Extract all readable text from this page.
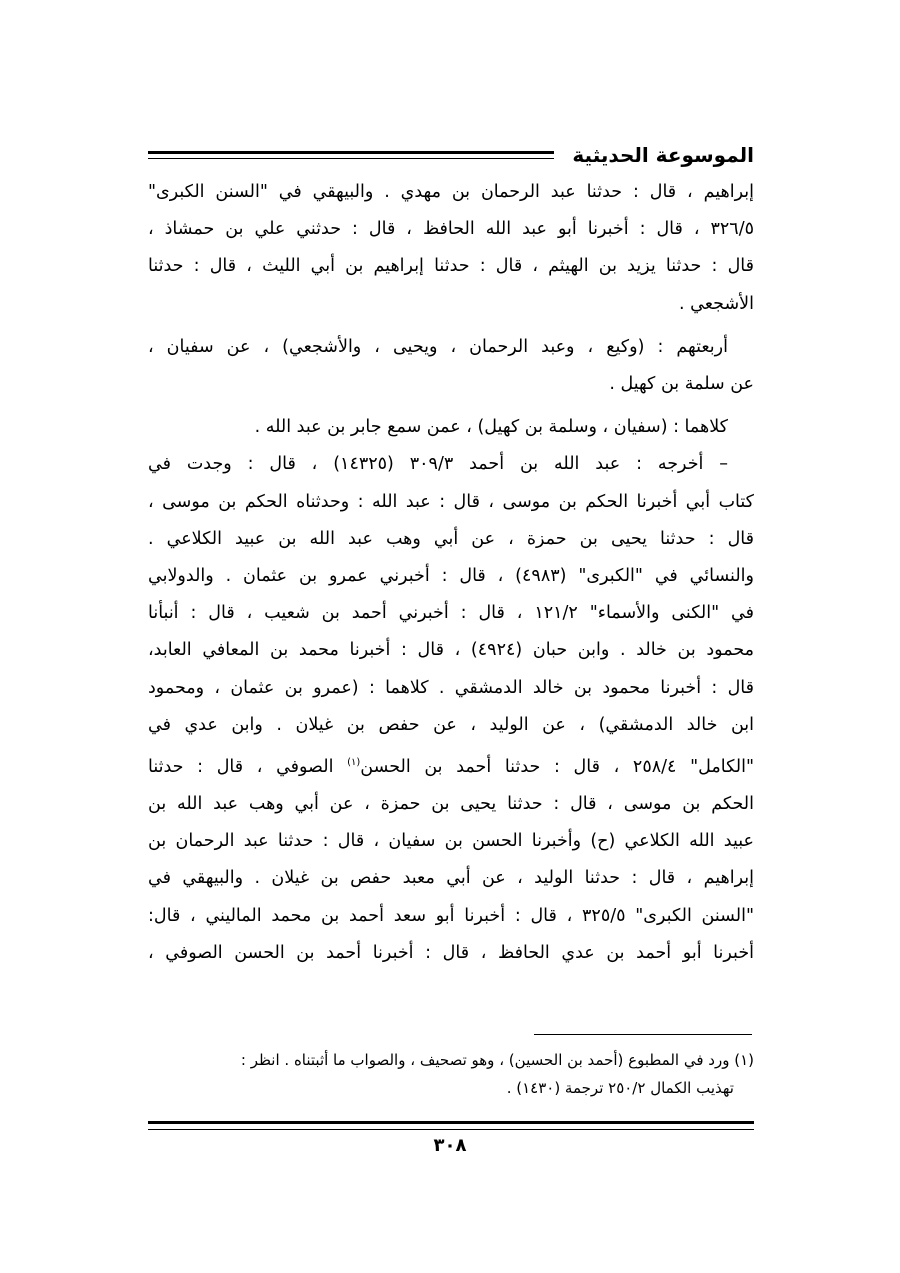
الموسوعة الحديثية
إبراهيم ، قال : حدثنا عبد الرحمان بن مهدي . والبيهقي في "السنن الكبرى"
٣٢٦/٥ ، قال : أخبرنا أبو عبد الله الحافظ ، قال : حدثني علي بن حمشاذ ،
قال : حدثنا يزيد بن الهيثم ، قال : حدثنا إبراهيم بن أبي الليث ، قال : حدثنا
الأشجعي .
أربعتهم : (وكيع ، وعبد الرحمان ، ويحيى ، والأشجعي) ، عن سفيان ،
عن سلمة بن كهيل .
كلاهما : (سفيان ، وسلمة بن كهيل) ، عمن سمع جابر بن عبد الله .
– أخرجه : عبد الله بن أحمد ٣٠٩/٣ (١٤٣٢٥) ، قال : وجدت في
كتاب أبي أخبرنا الحكم بن موسى ، قال : عبد الله : وحدثناه الحكم بن موسى ،
قال : حدثنا يحيى بن حمزة ، عن أبي وهب عبد الله بن عبيد الكلاعي .
والنسائي في "الكبرى" (٤٩٨٣) ، قال : أخبرني عمرو بن عثمان . والدولابي
في "الكنى والأسماء" ١٢١/٢ ، قال : أخبرني أحمد بن شعيب ، قال : أنبأنا
محمود بن خالد . وابن حبان (٤٩٢٤) ، قال : أخبرنا محمد بن المعافي العابد،
قال : أخبرنا محمود بن خالد الدمشقي . كلاهما : (عمرو بن عثمان ، ومحمود
ابن خالد الدمشقي) ، عن الوليد ، عن حفص بن غيلان . وابن عدي في
"الكامل" ٢٥٨/٤ ، قال : حدثنا أحمد بن الحسن$^{(١)}$ الصوفي ، قال : حدثنا
الحكم بن موسى ، قال : حدثنا يحيى بن حمزة ، عن أبي وهب عبد الله بن
عبيد الله الكلاعي (ح) وأخبرنا الحسن بن سفيان ، قال : حدثنا عبد الرحمان بن
إبراهيم ، قال : حدثنا الوليد ، عن أبي معبد حفص بن غيلان . والبيهقي في
"السنن الكبرى" ٣٢٥/٥ ، قال : أخبرنا أبو سعد أحمد بن محمد الماليني ، قال:
أخبرنا أبو أحمد بن عدي الحافظ ، قال : أخبرنا أحمد بن الحسن الصوفي ،

(١) ورد في المطبوع (أحمد بن الحسين) ، وهو تصحيف ، والصواب ما أثبتناه . انظر :

تهذيب الكمال ٢٥٠/٢ ترجمة (١٤٣٠) .

٣٠٨
